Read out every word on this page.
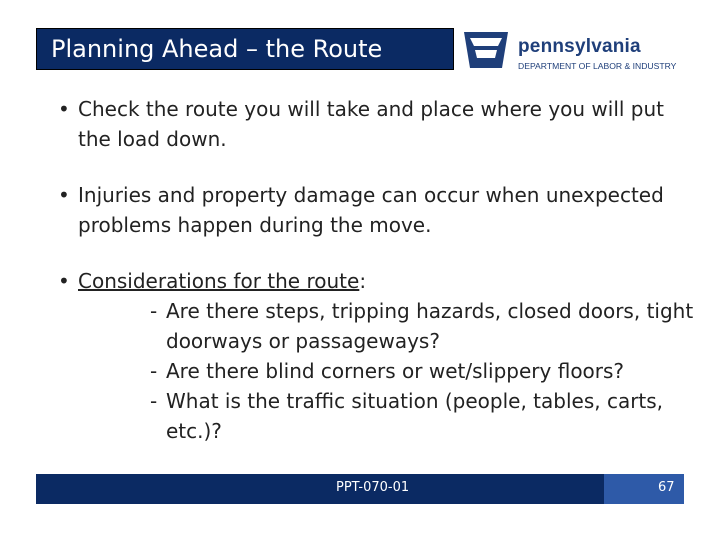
Planning Ahead – the Route	pennsylvania
DEPARTMENT OF LABOR & INDUSTRY
• Check the route you will take and place where you will put the load down.
• Injuries and property damage can occur when unexpected problems happen during the move.
• Considerations for the route:
- Are there steps, tripping hazards, closed doors, tight doorways or passageways?
- Are there blind corners or wet/slippery floors?
- What is the traffic situation (people, tables, carts, etc.)?
PPT-070-01	67
